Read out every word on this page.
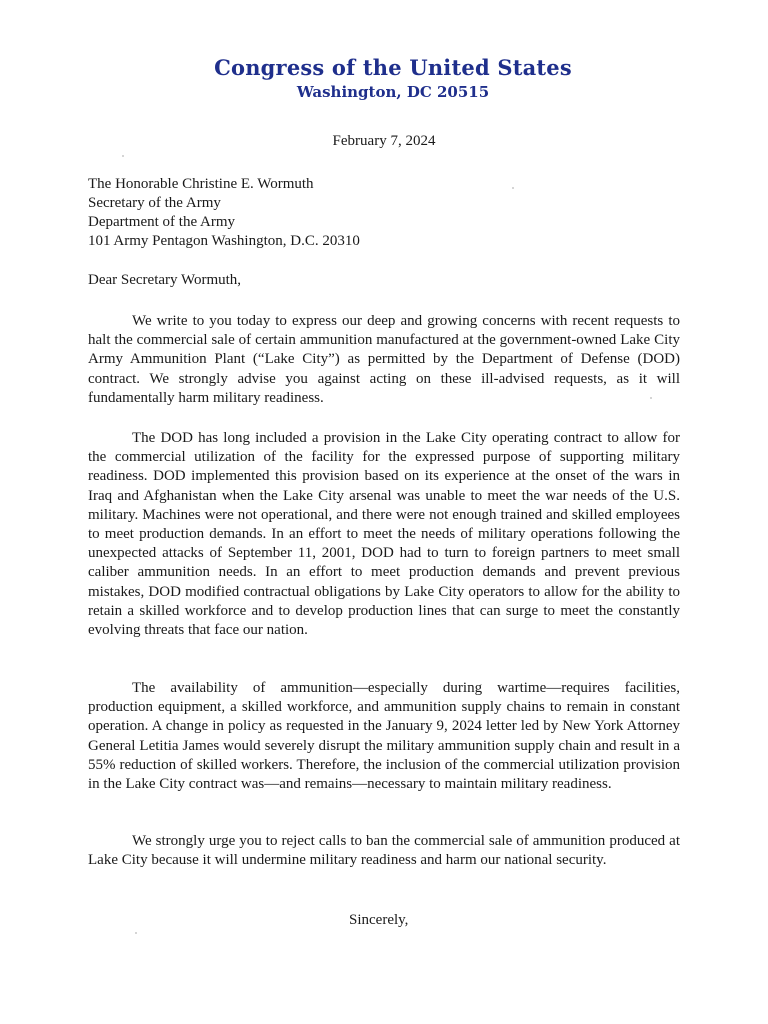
Congress of the United States
Washington, DC 20515
February 7, 2024
The Honorable Christine E. Wormuth
Secretary of the Army
Department of the Army
101 Army Pentagon Washington, D.C. 20310
Dear Secretary Wormuth,

We write to you today to express our deep and growing concerns with recent requests to halt the commercial sale of certain ammunition manufactured at the government-owned Lake City Army Ammunition Plant (“Lake City”) as permitted by the Department of Defense (DOD) contract. We strongly advise you against acting on these ill-advised requests, as it will fundamentally harm military readiness.

The DOD has long included a provision in the Lake City operating contract to allow for the commercial utilization of the facility for the expressed purpose of supporting military readiness. DOD implemented this provision based on its experience at the onset of the wars in Iraq and Afghanistan when the Lake City arsenal was unable to meet the war needs of the U.S. military. Machines were not operational, and there were not enough trained and skilled employees to meet production demands. In an effort to meet the needs of military operations following the unexpected attacks of September 11, 2001, DOD had to turn to foreign partners to meet small caliber ammunition needs. In an effort to meet production demands and prevent previous mistakes, DOD modified contractual obligations by Lake City operators to allow for the ability to retain a skilled workforce and to develop production lines that can surge to meet the constantly evolving threats that face our nation.

The availability of ammunition—especially during wartime—requires facilities, production equipment, a skilled workforce, and ammunition supply chains to remain in constant operation. A change in policy as requested in the January 9, 2024 letter led by New York Attorney General Letitia James would severely disrupt the military ammunition supply chain and result in a 55% reduction of skilled workers. Therefore, the inclusion of the commercial utilization provision in the Lake City contract was—and remains—necessary to maintain military readiness.

We strongly urge you to reject calls to ban the commercial sale of ammunition produced at Lake City because it will undermine military readiness and harm our national security.

Sincerely,
